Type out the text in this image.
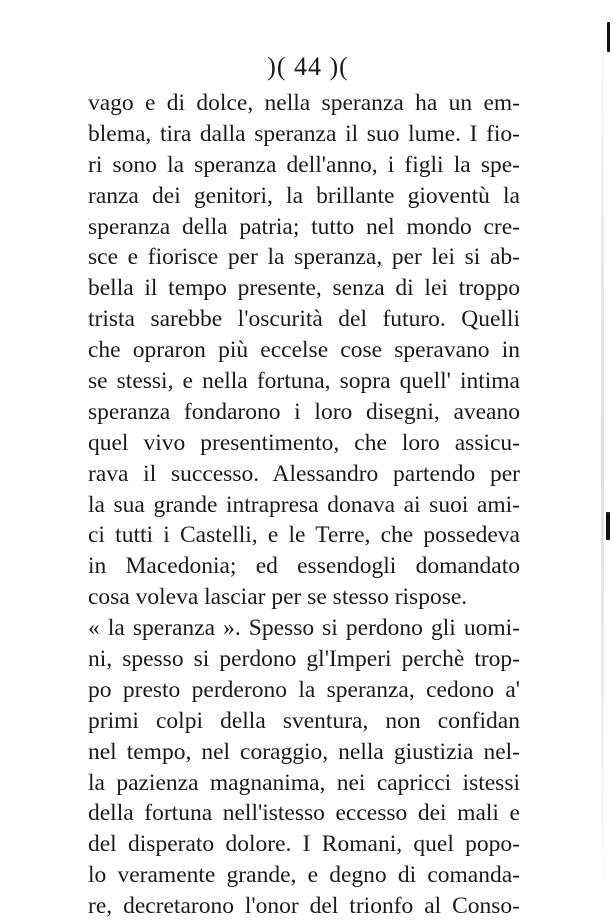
)( 44 )(
vago e di dolce, nella speranza ha un em-
blema, tira dalla speranza il suo lume. I fio-
ri sono la speranza dell'anno, i figli la spe-
ranza dei genitori, la brillante gioventù la
speranza della patria; tutto nel mondo cre-
sce e fiorisce per la speranza, per lei si ab-
bella il tempo presente, senza di lei troppo
trista sarebbe l'oscurità del futuro. Quelli
che opraron più eccelse cose speravano in
se stessi, e nella fortuna, sopra quell' intima
speranza fondarono i loro disegni, aveano
quel vivo presentimento, che loro assicu-
rava il successo. Alessandro partendo per
la sua grande intrapresa donava ai suoi ami-
ci tutti i Castelli, e le Terre, che possedeva
in Macedonia; ed essendogli domandato
cosa voleva lasciar per se stesso rispose.
« la speranza ». Spesso si perdono gli uomi-
ni, spesso si perdono gl'Imperi perchè trop-
po presto perderono la speranza, cedono a'
primi colpi della sventura, non confidan
nel tempo, nel coraggio, nella giustizia nel-
la pazienza magnanima, nei capricci istessi
della fortuna nell'istesso eccesso dei mali e
del disperato dolore. I Romani, quel popo-
lo veramente grande, e degno di comanda-
re, decretarono l'onor del trionfo al Conso-
